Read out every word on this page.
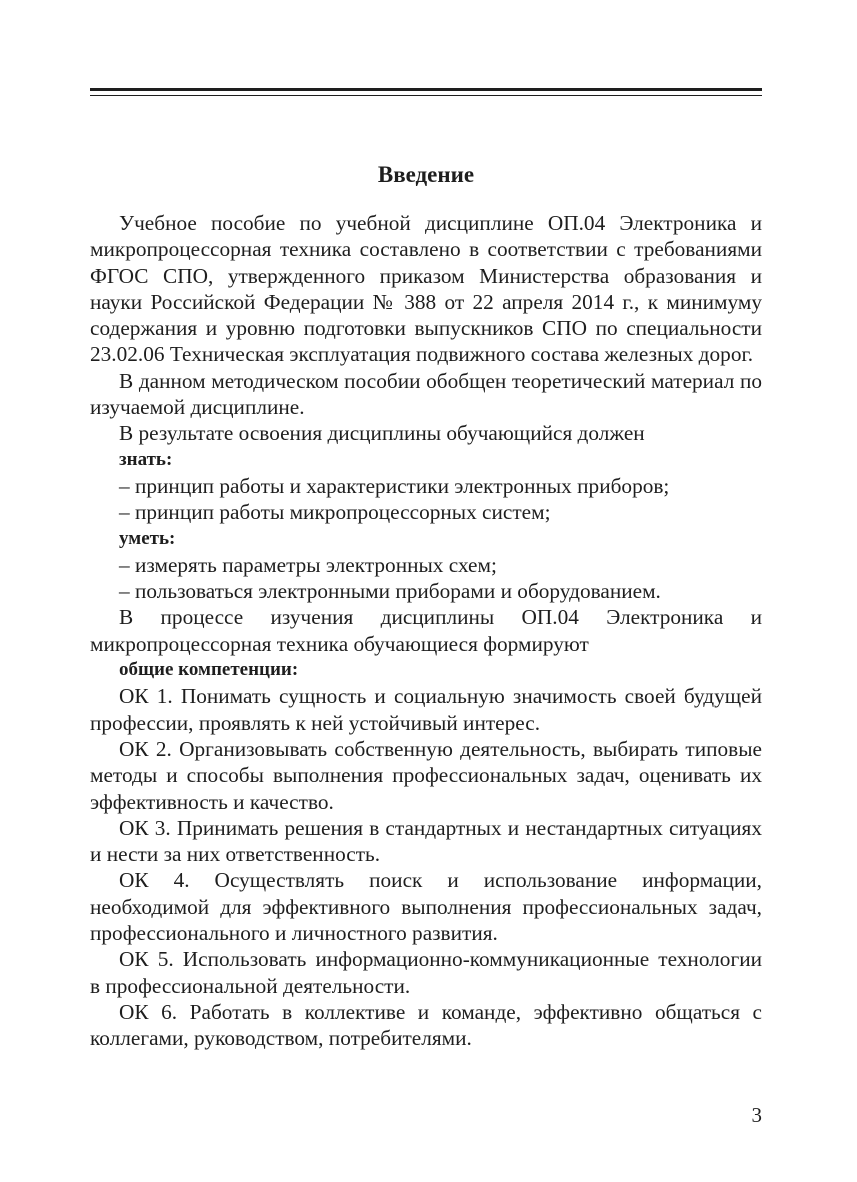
Введение

Учебное пособие по учебной дисциплине ОП.04 Электроника и микропроцессорная техника составлено в соответствии с требованиями ФГОС СПО, утвержденного приказом Министерства образования и науки Российской Федерации № 388 от 22 апреля 2014 г., к минимуму содержания и уровню подготовки выпускников СПО по специальности 23.02.06 Техническая эксплуатация подвижного состава железных дорог.

В данном методическом пособии обобщен теоретический материал по изучаемой дисциплине.

В результате освоения дисциплины обучающийся должен

знать:

– принцип работы и характеристики электронных приборов;

– принцип работы микропроцессорных систем;

уметь:

– измерять параметры электронных схем;

– пользоваться электронными приборами и оборудованием.

В процессе изучения дисциплины ОП.04 Электроника и микропроцессорная техника обучающиеся формируют

общие компетенции:

ОК 1. Понимать сущность и социальную значимость своей будущей профессии, проявлять к ней устойчивый интерес.

ОК 2. Организовывать собственную деятельность, выбирать типовые методы и способы выполнения профессиональных задач, оценивать их эффективность и качество.

ОК 3. Принимать решения в стандартных и нестандартных ситуациях и нести за них ответственность.

ОК 4. Осуществлять поиск и использование информации, необходимой для эффективного выполнения профессиональных задач, профессионального и личностного развития.

ОК 5. Использовать информационно-коммуникационные технологии в профессиональной деятельности.

ОК 6. Работать в коллективе и команде, эффективно общаться с коллегами, руководством, потребителями.

3
